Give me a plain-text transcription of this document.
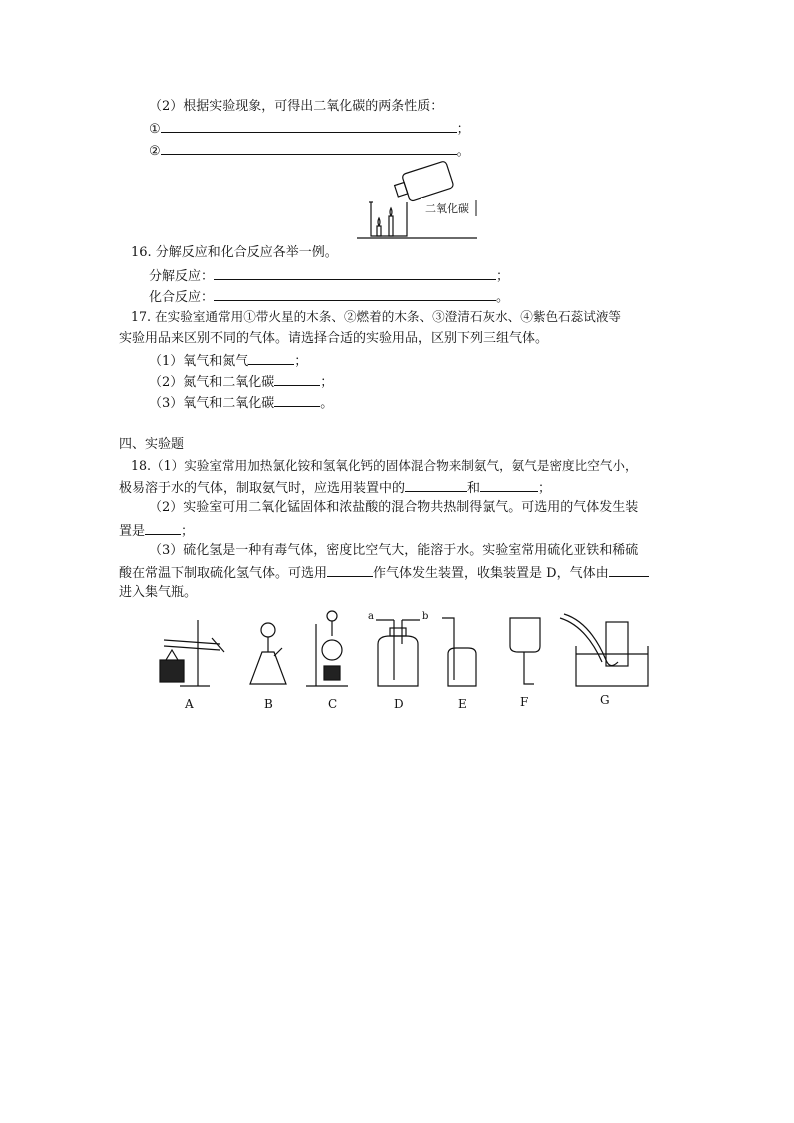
（2）根据实验现象，可得出二氧化碳的两条性质：
①	；
②	。
二氧化碳
16. 分解反应和化合反应各举一例。
分解反应：	；
化合反应：	。
17. 在实验室通常用①带火星的木条、②燃着的木条、③澄清石灰水、④紫色石蕊试液等
实验用品来区别不同的气体。请选择合适的实验用品，区别下列三组气体。
（1）氧气和氮气	；
（2）氮气和二氧化碳	；
（3）氧气和二氧化碳	。
四、实验题
18.（1）实验室常用加热氯化铵和氢氧化钙的固体混合物来制氨气，氨气是密度比空气小，
极易溶于水的气体，制取氨气时，应选用装置中的	和	；
（2）实验室可用二氧化锰固体和浓盐酸的混合物共热制得氯气。可选用的气体发生装
置是	；
（3）硫化氢是一种有毒气体，密度比空气大，能溶于水。实验室常用硫化亚铁和稀硫
酸在常温下制取硫化氢气体。可选用	作气体发生装置，收集装置是 D，气体由
进入集气瓶。
a	b
A	B	C	D	E	F	G
